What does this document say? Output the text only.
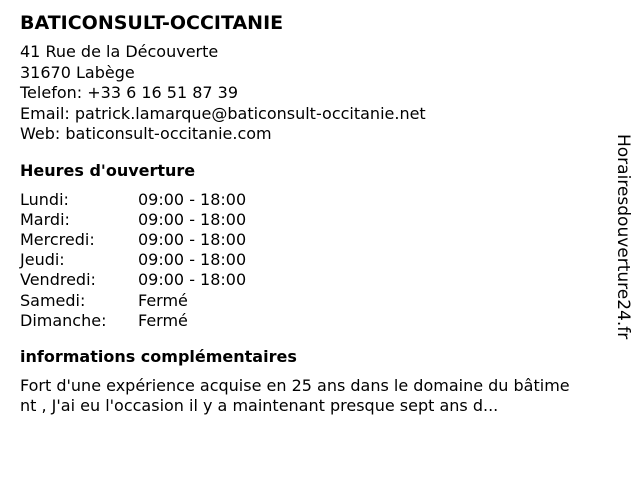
BATICONSULT-OCCITANIE
41 Rue de la Découverte
31670 Labège
Telefon: +33 6 16 51 87 39
Email: patrick.lamarque@baticonsult-occitanie.net
Web: baticonsult-occitanie.com
Heures d'ouverture
Lundi:	09:00 - 18:00
Mardi:	09:00 - 18:00
Mercredi:	09:00 - 18:00
Jeudi:	09:00 - 18:00
Vendredi:	09:00 - 18:00
Samedi:	Fermé
Dimanche:	Fermé
informations complémentaires
Fort d'une expérience acquise en 25 ans dans le domaine du bâtime
nt , J'ai eu l'occasion il y a maintenant presque sept ans d...
Horairesdouverture24.fr
